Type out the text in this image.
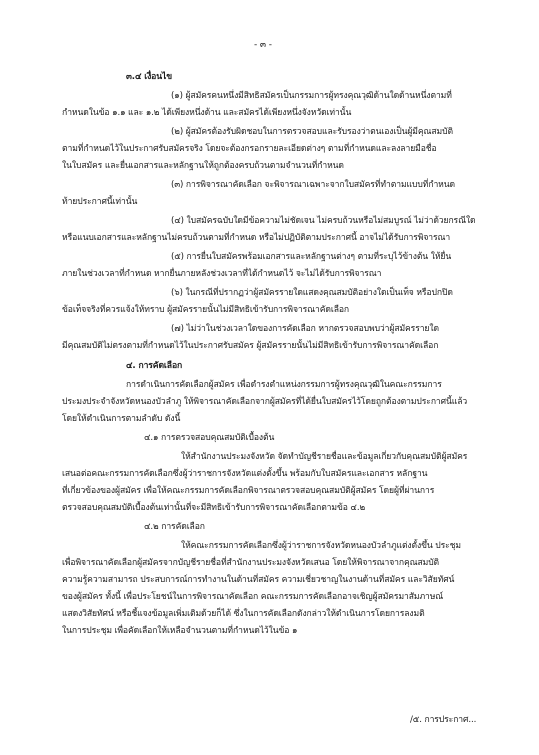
- ๓ -
๓.๔ เงื่อนไข
(๑) ผู้สมัครคนหนึ่งมีสิทธิสมัครเป็นกรรมการผู้ทรงคุณวุฒิด้านใดด้านหนึ่งตามที่
กำหนดในข้อ ๑.๑ และ ๑.๒ ได้เพียงหนึ่งด้าน และสมัครได้เพียงหนึ่งจังหวัดเท่านั้น
(๒) ผู้สมัครต้องรับผิดชอบในการตรวจสอบและรับรองว่าตนเองเป็นผู้มีคุณสมบัติ
ตามที่กำหนดไว้ในประกาศรับสมัครจริง โดยจะต้องกรอกรายละเอียดต่างๆ ตามที่กำหนดและลงลายมือชื่อ
ในใบสมัคร และยื่นเอกสารและหลักฐานให้ถูกต้องครบถ้วนตามจำนวนที่กำหนด
(๓) การพิจารณาคัดเลือก จะพิจารณาเฉพาะจากใบสมัครที่ทำตามแบบที่กำหนด
ท้ายประกาศนี้เท่านั้น
(๔) ใบสมัครฉบับใดมีข้อความไม่ชัดเจน ไม่ครบถ้วนหรือไม่สมบูรณ์ ไม่ว่าด้วยกรณีใด
หรือแนบเอกสารและหลักฐานไม่ครบถ้วนตามที่กำหนด หรือไม่ปฏิบัติตามประกาศนี้ อาจไม่ได้รับการพิจารณา
(๕) การยื่นใบสมัครพร้อมเอกสารและหลักฐานต่างๆ ตามที่ระบุไว้ข้างต้น ให้ยื่น
ภายในช่วงเวลาที่กำหนด หากยื่นภายหลังช่วงเวลาที่ได้กำหนดไว้ จะไม่ได้รับการพิจารณา
(๖) ในกรณีที่ปรากฏว่าผู้สมัครรายใดแสดงคุณสมบัติอย่างใดเป็นเท็จ หรือปกปิด
ข้อเท็จจริงที่ควรแจ้งให้ทราบ ผู้สมัครรายนั้นไม่มีสิทธิเข้ารับการพิจารณาคัดเลือก
(๗) ไม่ว่าในช่วงเวลาใดของการคัดเลือก หากตรวจสอบพบว่าผู้สมัครรายใด
มีคุณสมบัติไม่ตรงตามที่กำหนดไว้ในประกาศรับสมัคร ผู้สมัครรายนั้นไม่มีสิทธิเข้ารับการพิจารณาคัดเลือก
๔. การคัดเลือก
การดำเนินการคัดเลือกผู้สมัคร เพื่อดำรงตำแหน่งกรรมการผู้ทรงคุณวุฒิในคณะกรรมการ
ประมงประจำจังหวัดหนองบัวลำภู ให้พิจารณาคัดเลือกจากผู้สมัครที่ได้ยื่นใบสมัครไว้โดยถูกต้องตามประกาศนี้แล้ว
โดยให้ดำเนินการตามลำดับ ดังนี้
๔.๑ การตรวจสอบคุณสมบัติเบื้องต้น
ให้สำนักงานประมงจังหวัด จัดทำบัญชีรายชื่อและข้อมูลเกี่ยวกับคุณสมบัติผู้สมัคร
เสนอต่อคณะกรรมการคัดเลือกซึ่งผู้ว่าราชการจังหวัดแต่งตั้งขึ้น พร้อมกับใบสมัครและเอกสาร หลักฐาน
ที่เกี่ยวข้องของผู้สมัคร เพื่อให้คณะกรรมการคัดเลือกพิจารณาตรวจสอบคุณสมบัติผู้สมัคร โดยผู้ที่ผ่านการ
ตรวจสอบคุณสมบัติเบื้องต้นเท่านั้นที่จะมีสิทธิเข้ารับการพิจารณาคัดเลือกตามข้อ ๔.๒
๔.๒ การคัดเลือก
ให้คณะกรรมการคัดเลือกซึ่งผู้ว่าราชการจังหวัดหนองบัวลำภูแต่งตั้งขึ้น ประชุม
เพื่อพิจารณาคัดเลือกผู้สมัครจากบัญชีรายชื่อที่สำนักงานประมงจังหวัดเสนอ โดยให้พิจารณาจากคุณสมบัติ
ความรู้ความสามารถ ประสบการณ์การทำงานในด้านที่สมัคร ความเชี่ยวชาญในงานด้านที่สมัคร และวิสัยทัศน์
ของผู้สมัคร ทั้งนี้ เพื่อประโยชน์ในการพิจารณาคัดเลือก คณะกรรมการคัดเลือกอาจเชิญผู้สมัครมาสัมภาษณ์
แสดงวิสัยทัศน์ หรือชี้แจงข้อมูลเพิ่มเติมด้วยก็ได้ ซึ่งในการคัดเลือกดังกล่าวให้ดำเนินการโดยการลงมติ
ในการประชุม เพื่อคัดเลือกให้เหลือจำนวนตามที่กำหนดไว้ในข้อ ๑
/๕. การประกาศ...
